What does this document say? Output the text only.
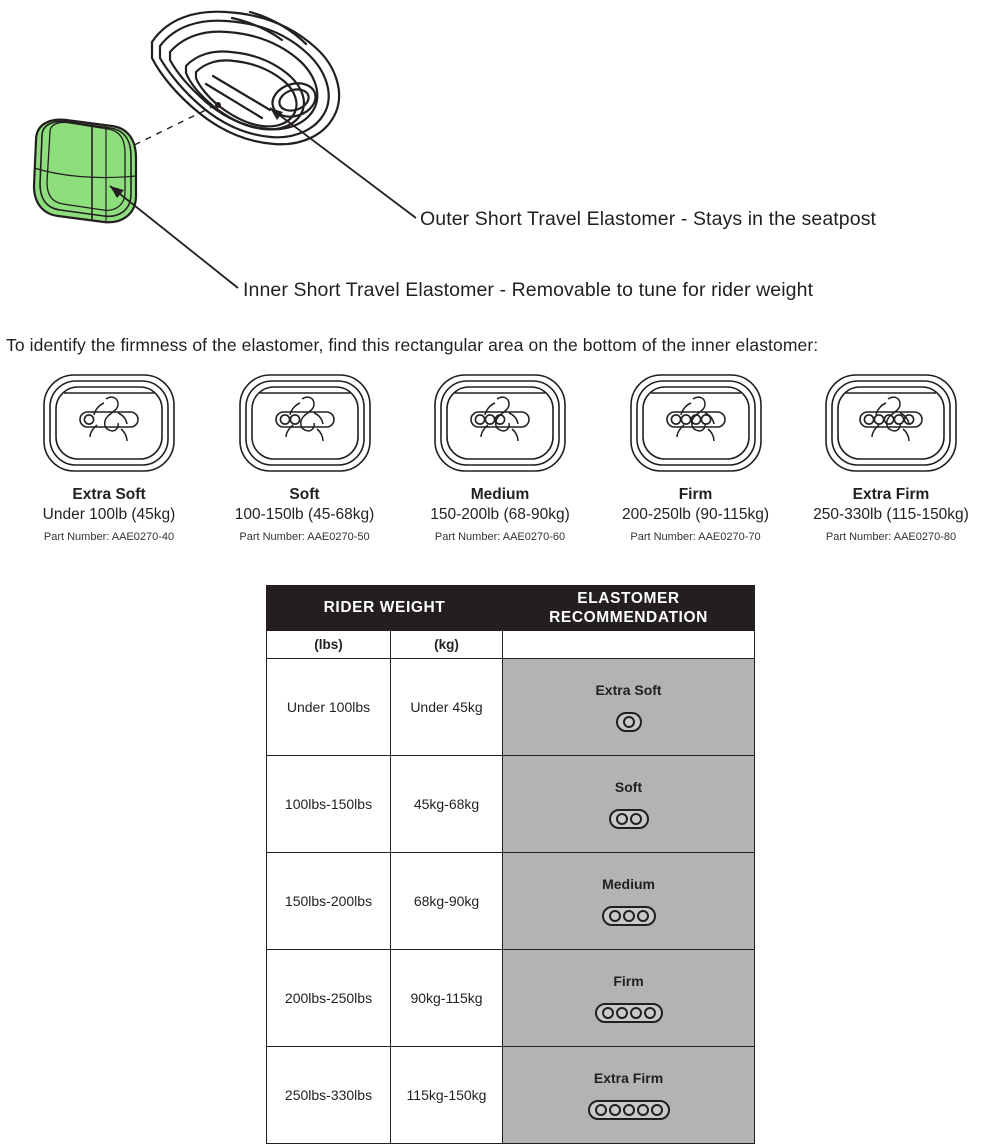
Outer Short Travel Elastomer - Stays in the seatpost
Inner Short Travel Elastomer - Removable to tune for rider weight
To identify the firmness of the elastomer, find this rectangular area on the bottom of the inner elastomer:
Extra Soft
Under 100lb (45kg)
Part Number: AAE0270-40
Soft
100-150lb (45-68kg)
Part Number: AAE0270-50
Medium
150-200lb (68-90kg)
Part Number: AAE0270-60
Firm
200-250lb (90-115kg)
Part Number: AAE0270-70
Extra Firm
250-330lb (115-150kg)
Part Number: AAE0270-80
RIDER WEIGHT		ELASTOMER RECOMMENDATION
(lbs)	(kg)	
Under 100lbs	Under 45kg	Extra Soft

100lbs-150lbs	45kg-68kg	Soft

150lbs-200lbs	68kg-90kg	Medium

200lbs-250lbs	90kg-115kg	Firm

250lbs-330lbs	115kg-150kg	Extra Firm
